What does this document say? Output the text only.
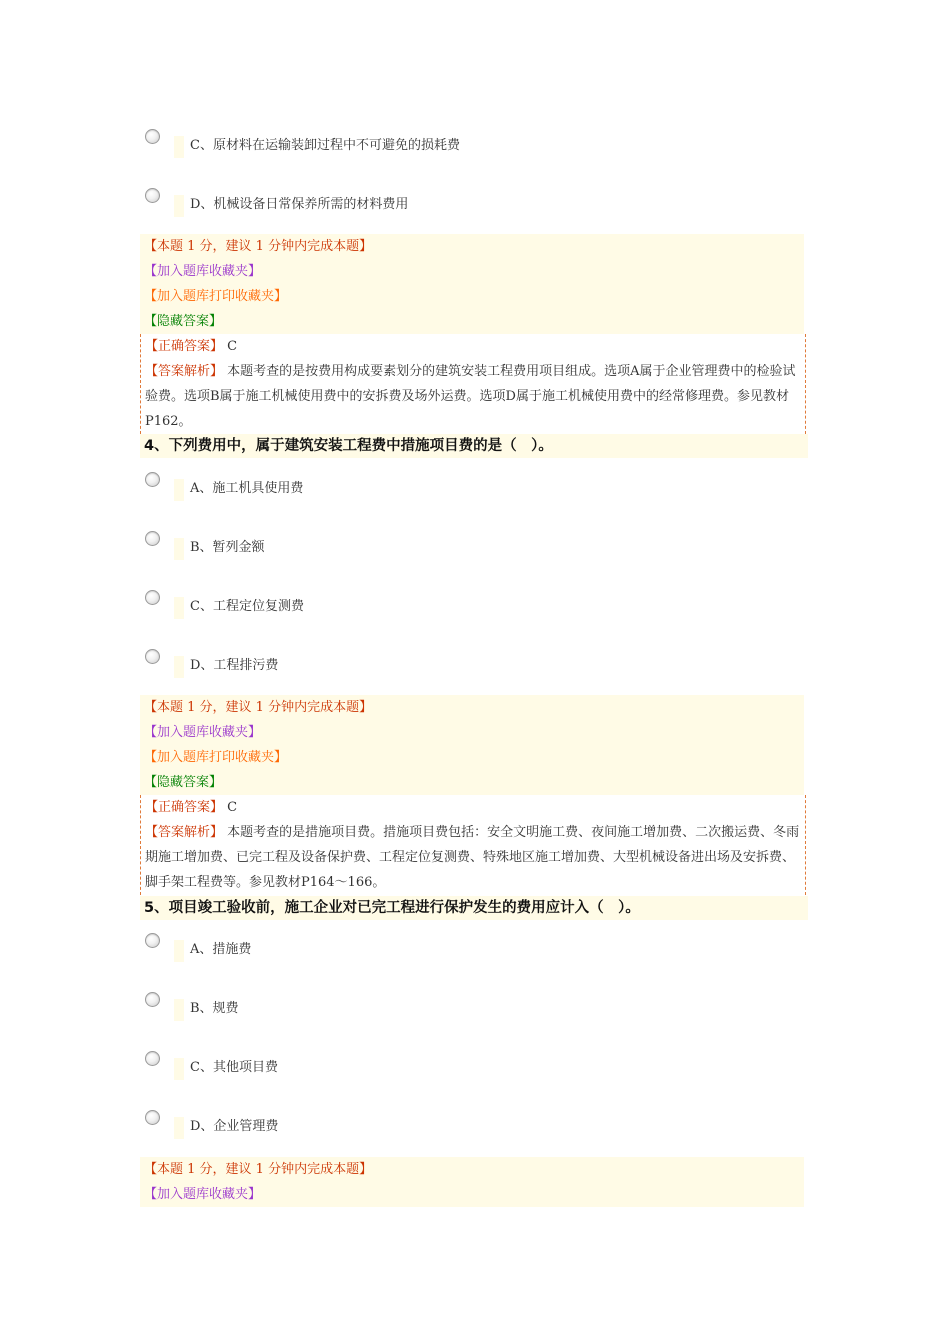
C、原材料在运输装卸过程中不可避免的损耗费
D、机械设备日常保养所需的材料费用
【本题 1 分，建议 1 分钟内完成本题】
【加入题库收藏夹】
【加入题库打印收藏夹】
【隐藏答案】
【正确答案】 C
【答案解析】 本题考查的是按费用构成要素划分的建筑安装工程费用项目组成。选项A属于企业管理费中的检验试验费。选项B属于施工机械使用费中的安拆费及场外运费。选项D属于施工机械使用费中的经常修理费。参见教材P162。
4、下列费用中，属于建筑安装工程费中措施项目费的是（　）。
A、施工机具使用费
B、暂列金额
C、工程定位复测费
D、工程排污费
【本题 1 分，建议 1 分钟内完成本题】
【加入题库收藏夹】
【加入题库打印收藏夹】
【隐藏答案】
【正确答案】 C
【答案解析】 本题考查的是措施项目费。措施项目费包括：安全文明施工费、夜间施工增加费、二次搬运费、冬雨期施工增加费、已完工程及设备保护费、工程定位复测费、特殊地区施工增加费、大型机械设备进出场及安拆费、脚手架工程费等。参见教材P164～166。
5、项目竣工验收前，施工企业对已完工程进行保护发生的费用应计入（　）。
A、措施费
B、规费
C、其他项目费
D、企业管理费
【本题 1 分，建议 1 分钟内完成本题】
【加入题库收藏夹】
